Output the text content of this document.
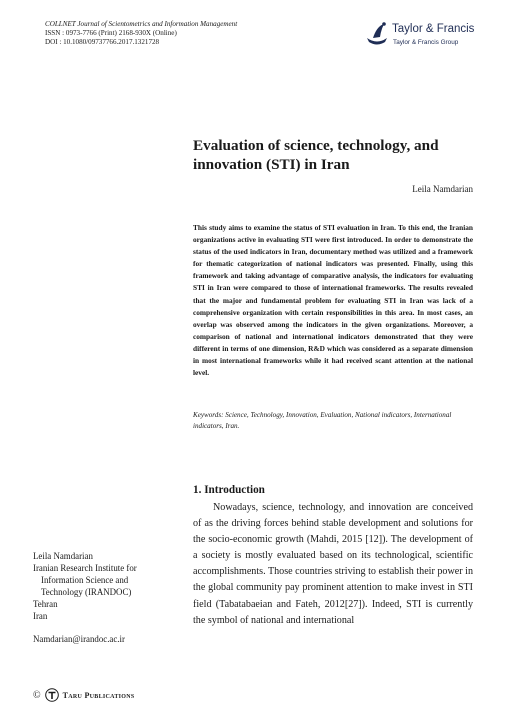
COLLNET Journal of Scientometrics and Information Management
ISSN : 0973-7766 (Print) 2168-930X (Online)
DOI : 10.1080/09737766.2017.1321728
Taylor & Francis
Taylor & Francis Group
Evaluation of science, technology, and
innovation (STI) in Iran
Leila Namdarian

This study aims to examine the status of STI evaluation in Iran. To this end, the Iranian organizations active in evaluating STI were first introduced. In order to demonstrate the status of the used indicators in Iran, documentary method was utilized and a framework for thematic categorization of national indicators was presented. Finally, using this framework and taking advantage of comparative analysis, the indicators for evaluating STI in Iran were compared to those of international frameworks. The results revealed that the major and fundamental problem for evaluating STI in Iran was lack of a comprehensive organization with certain responsibilities in this area. In most cases, an overlap was observed among the indicators in the given organizations. Moreover, a comparison of national and international indicators demonstrated that they were different in terms of one dimension, R&D which was considered as a separate dimension in most international frameworks while it had received scant attention at the national level.

Keywords: Science, Technology, Innovation, Evaluation, National indicators, International indicators, Iran.

1. Introduction

Nowadays, science, technology, and innovation are conceived of as the driving forces behind stable development and solutions for the socio-economic growth (Mahdi, 2015 [12]). The development of a society is mostly evaluated based on its technological, scientific accomplishments. Those countries striving to establish their power in the global community pay prominent attention to make invest in STI field (Tabatabaeian and Fateh, 2012[27]). Indeed, STI is currently the symbol of national and international

Leila Namdarian
Iranian Research Institute for
Information Science and
Technology (IRANDOC)
Tehran
Iran
Namdarian@irandoc.ac.ir
©	Taru Publications
